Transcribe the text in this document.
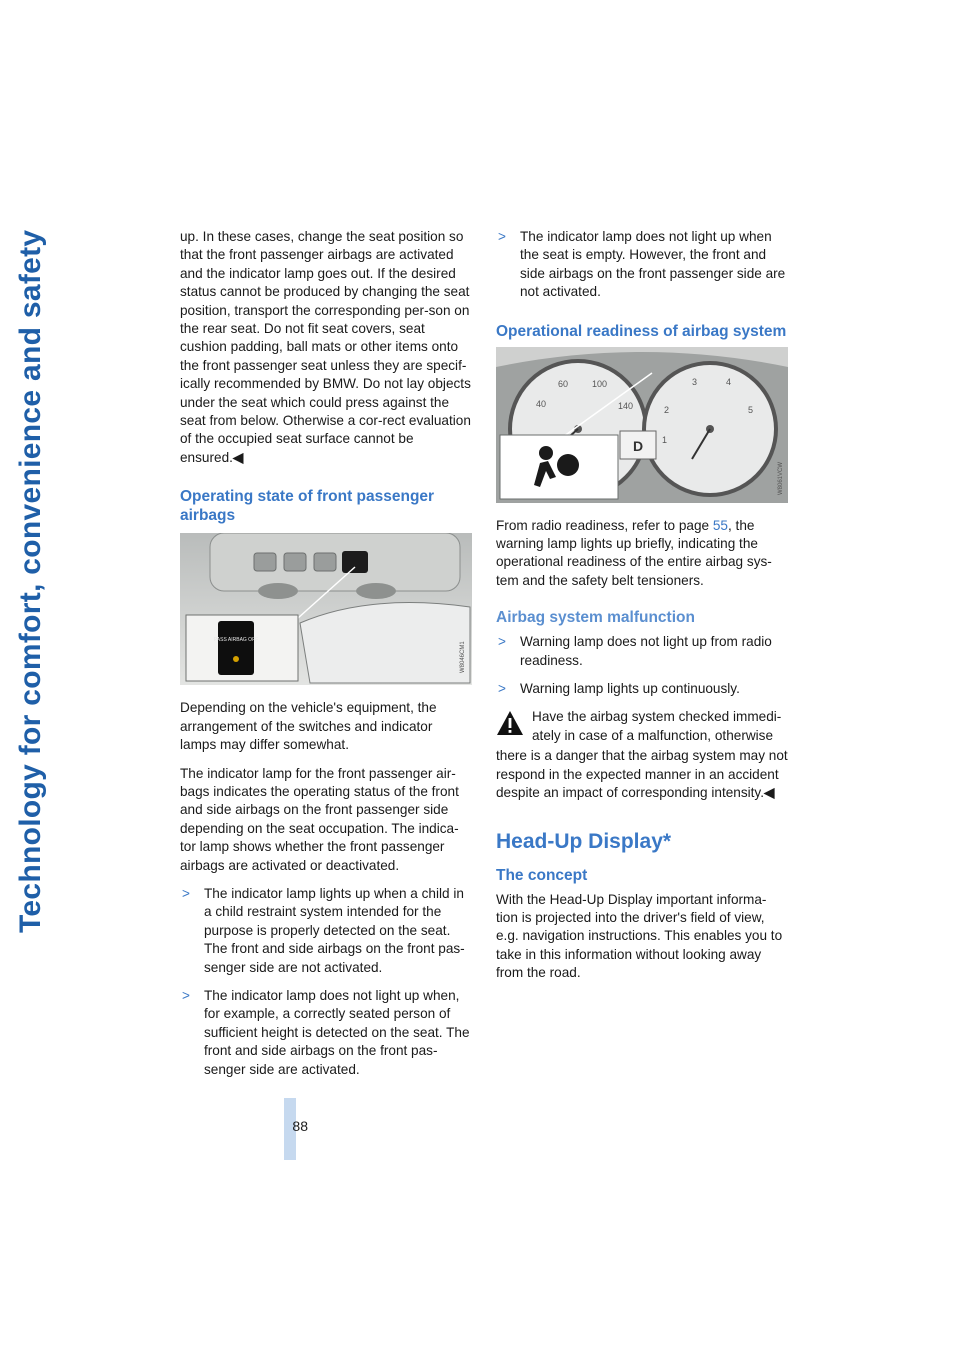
Technology for comfort, convenience and safety
88

up. In these cases, change the seat position so that the front passenger airbags are activated and the indicator lamp goes out. If the desired status cannot be produced by changing the seat position, transport the corresponding per-son on the rear seat. Do not fit seat covers, seat cushion padding, ball mats or other items onto the front passenger seat unless they are specif-ically recommended by BMW. Do not lay objects under the seat which could press against the seat from below. Otherwise a cor-rect evaluation of the occupied seat surface cannot be ensured.◀

Operating state of front passenger airbags
PASS AIRBAG OFF
W8046CM1

Depending on the vehicle's equipment, the arrangement of the switches and indicator lamps may differ somewhat.

The indicator lamp for the front passenger air-bags indicates the operating status of the front and side airbags on the front passenger side depending on the seat occupation. The indica-tor lamp shows whether the front passenger airbags are activated or deactivated.

> The indicator lamp lights up when a child in a child restraint system intended for the purpose is properly detected on the seat. The front and side airbags on the front pas-senger side are not activated.
> The indicator lamp does not light up when, for example, a correctly seated person of sufficient height is detected on the seat. The front and side airbags on the front pas-senger side are activated.
> The indicator lamp does not light up when the seat is empty. However, the front and side airbags on the front passenger side are not activated.
Operational readiness of airbag system
40
60	100
140
3	4
5
2
1
D
W8061VCW

From radio readiness, refer to page 55, the warning lamp lights up briefly, indicating the operational readiness of the entire airbag sys-tem and the safety belt tensioners.

Airbag system malfunction
> Warning lamp does not light up from radio readiness.
> Warning lamp lights up continuously.
Have the airbag system checked immedi-ately in case of a malfunction, otherwise

there is a danger that the airbag system may not respond in the expected manner in an accident despite an impact of corresponding intensity.◀

Head-Up Display*
The concept

With the Head-Up Display important informa-tion is projected into the driver's field of view, e.g. navigation instructions. This enables you to take in this information without looking away from the road.
